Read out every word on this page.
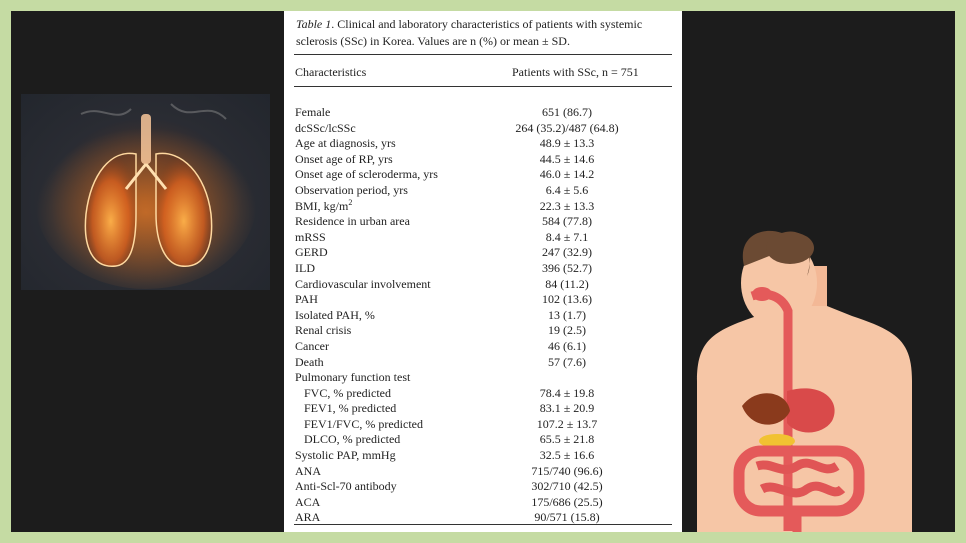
Table 1. Clinical and laboratory characteristics of patients with systemic sclerosis (SSc) in Korea. Values are n (%) or mean ± SD.
Characteristics	Patients with SSc, n = 751
Female	651 (86.7)
dcSSc/lcSSc	264 (35.2)/487 (64.8)
Age at diagnosis, yrs	48.9 ± 13.3
Onset age of RP, yrs	44.5 ± 14.6
Onset age of scleroderma, yrs	46.0 ± 14.2
Observation period, yrs	6.4 ± 5.6
BMI, $kg/m^2$	22.3 ± 13.3
Residence in urban area	584 (77.8)
mRSS	8.4 ± 7.1
GERD	247 (32.9)
ILD	396 (52.7)
Cardiovascular involvement	84 (11.2)
PAH	102 (13.6)
Isolated PAH, %	13 (1.7)
Renal crisis	19 (2.5)
Cancer	46 (6.1)
Death	57 (7.6)
Pulmonary function test
FVC, % predicted	78.4 ± 19.8
FEV1, % predicted	83.1 ± 20.9
FEV1/FVC, % predicted	107.2 ± 13.7
DLCO, % predicted	65.5 ± 21.8
Systolic PAP, mmHg	32.5 ± 16.6
ANA	715/740 (96.6)
Anti-Scl-70 antibody	302/710 (42.5)
ACA	175/686 (25.5)
ARA	90/571 (15.8)
